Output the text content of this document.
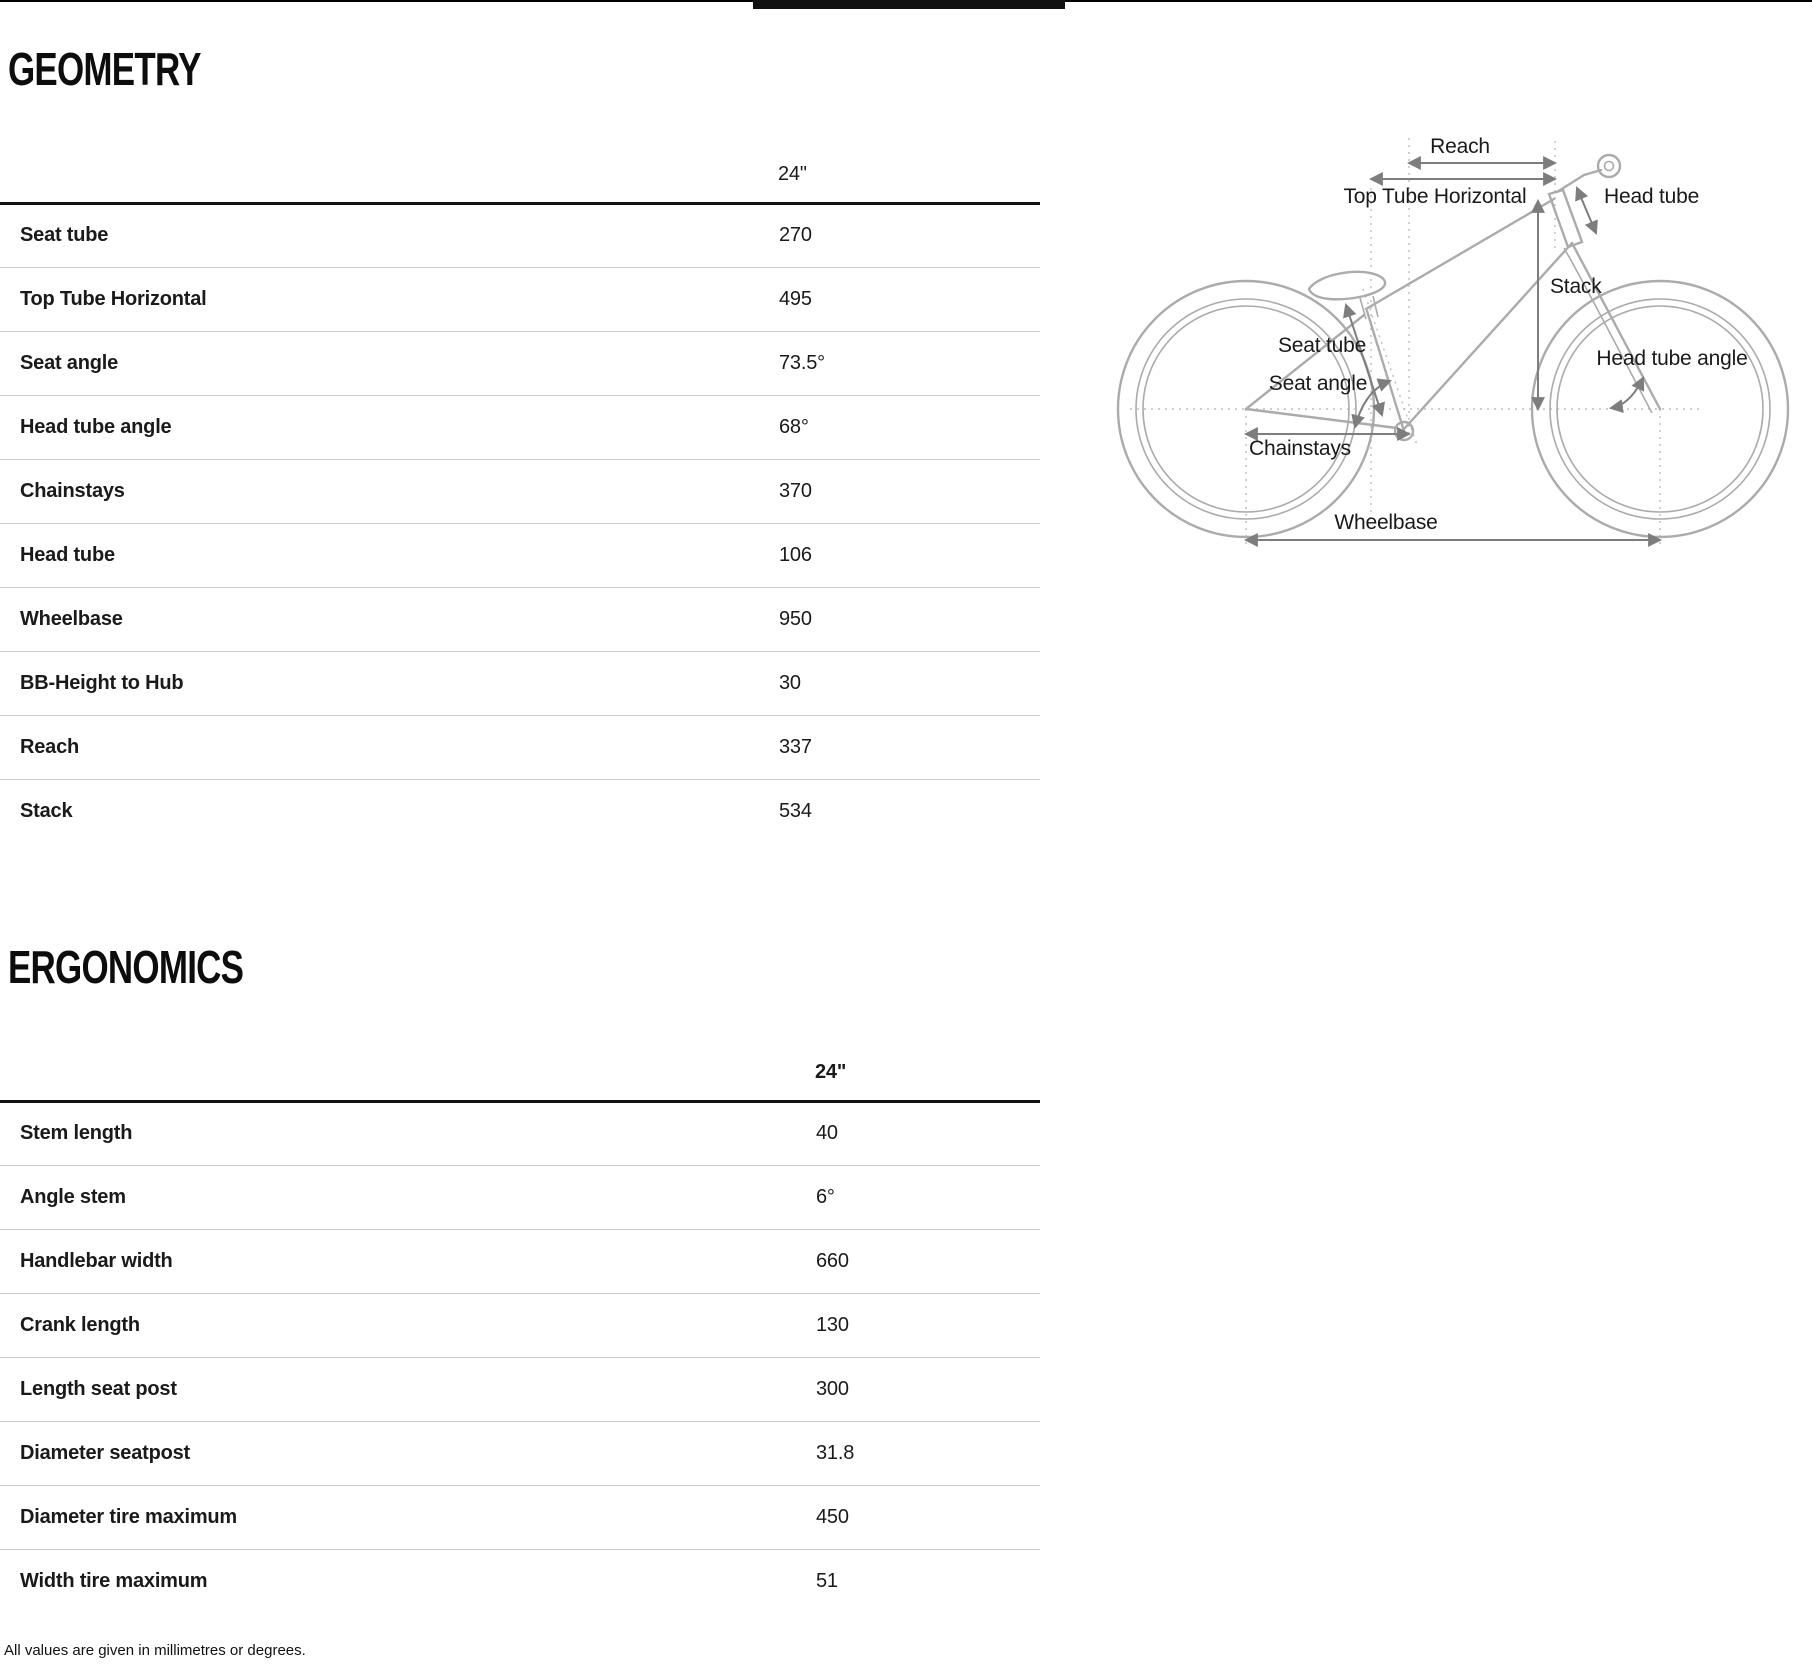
GEOMETRY
	24"
Seat tube	270
Top Tube Horizontal	495
Seat angle	73.5°
Head tube angle	68°
Chainstays	370
Head tube	106
Wheelbase	950
BB-Height to Hub	30
Reach	337
Stack	534
ERGONOMICS
	24"
Stem length	40
Angle stem	6°
Handlebar width	660
Crank length	130
Length seat post	300
Diameter seatpost	31.8
Diameter tire maximum	450
Width tire maximum	51
All values are given in millimetres or degrees.
Reach
Top Tube Horizontal	Head tube
Stack
Seat tube
Seat angle
Chainstays
Head tube angle
Wheelbase
